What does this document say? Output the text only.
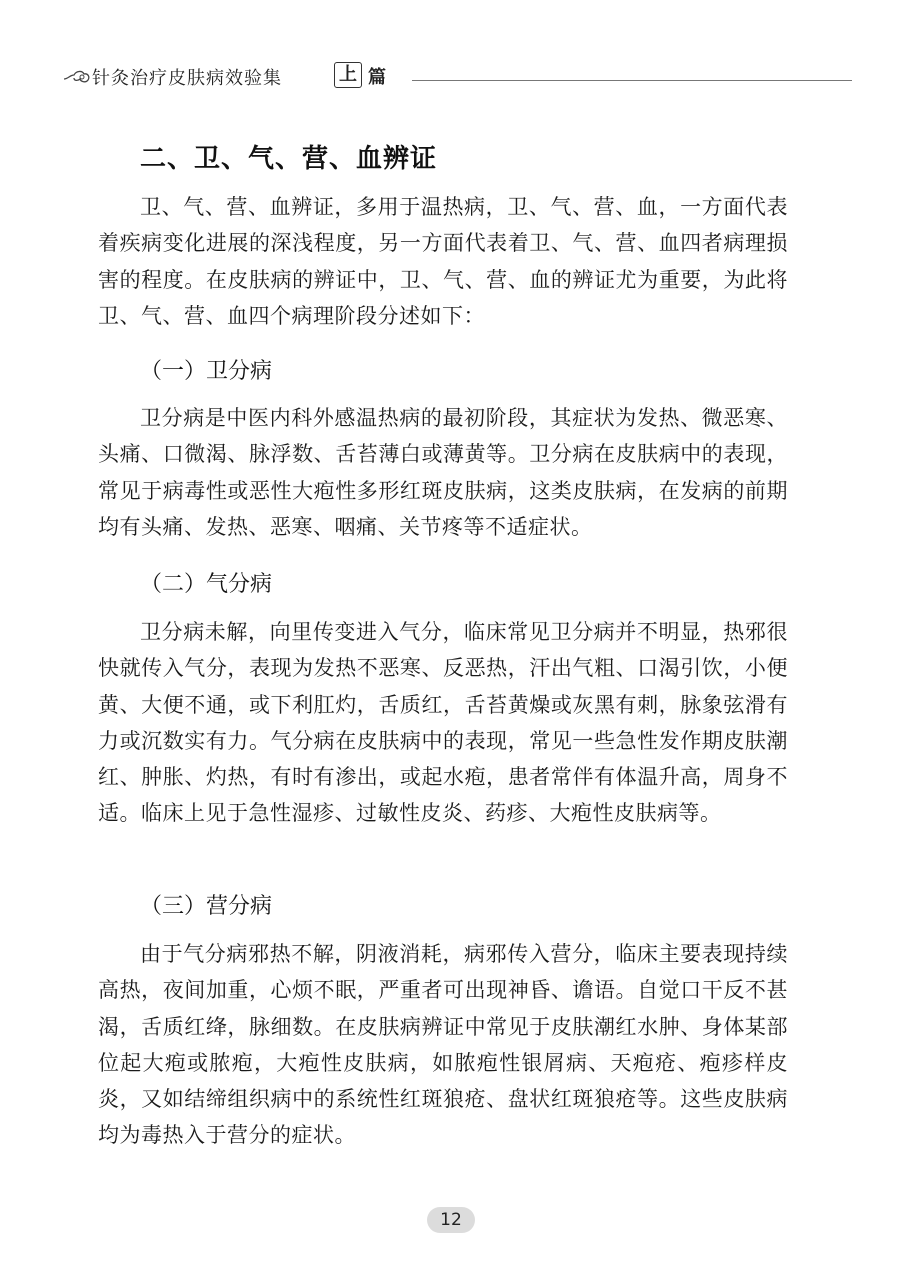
针灸治疗皮肤病效验集	上 篇
二、卫、气、营、血辨证

卫、气、营、血辨证，多用于温热病，卫、气、营、血，一方面代表着疾病变化进展的深浅程度，另一方面代表着卫、气、营、血四者病理损害的程度。在皮肤病的辨证中，卫、气、营、血的辨证尤为重要，为此将卫、气、营、血四个病理阶段分述如下：

（一）卫分病

卫分病是中医内科外感温热病的最初阶段，其症状为发热、微恶寒、头痛、口微渴、脉浮数、舌苔薄白或薄黄等。卫分病在皮肤病中的表现，常见于病毒性或恶性大疱性多形红斑皮肤病，这类皮肤病，在发病的前期均有头痛、发热、恶寒、咽痛、关节疼等不适症状。

（二）气分病

卫分病未解，向里传变进入气分，临床常见卫分病并不明显，热邪很快就传入气分，表现为发热不恶寒、反恶热，汗出气粗、口渴引饮，小便黄、大便不通，或下利肛灼，舌质红，舌苔黄燥或灰黑有刺，脉象弦滑有力或沉数实有力。气分病在皮肤病中的表现，常见一些急性发作期皮肤潮红、肿胀、灼热，有时有渗出，或起水疱，患者常伴有体温升高，周身不适。临床上见于急性湿疹、过敏性皮炎、药疹、大疱性皮肤病等。

（三）营分病

由于气分病邪热不解，阴液消耗，病邪传入营分，临床主要表现持续高热，夜间加重，心烦不眠，严重者可出现神昏、谵语。自觉口干反不甚渴，舌质红绛，脉细数。在皮肤病辨证中常见于皮肤潮红水肿、身体某部位起大疱或脓疱，大疱性皮肤病，如脓疱性银屑病、天疱疮、疱疹样皮炎，又如结缔组织病中的系统性红斑狼疮、盘状红斑狼疮等。这些皮肤病均为毒热入于营分的症状。

12
